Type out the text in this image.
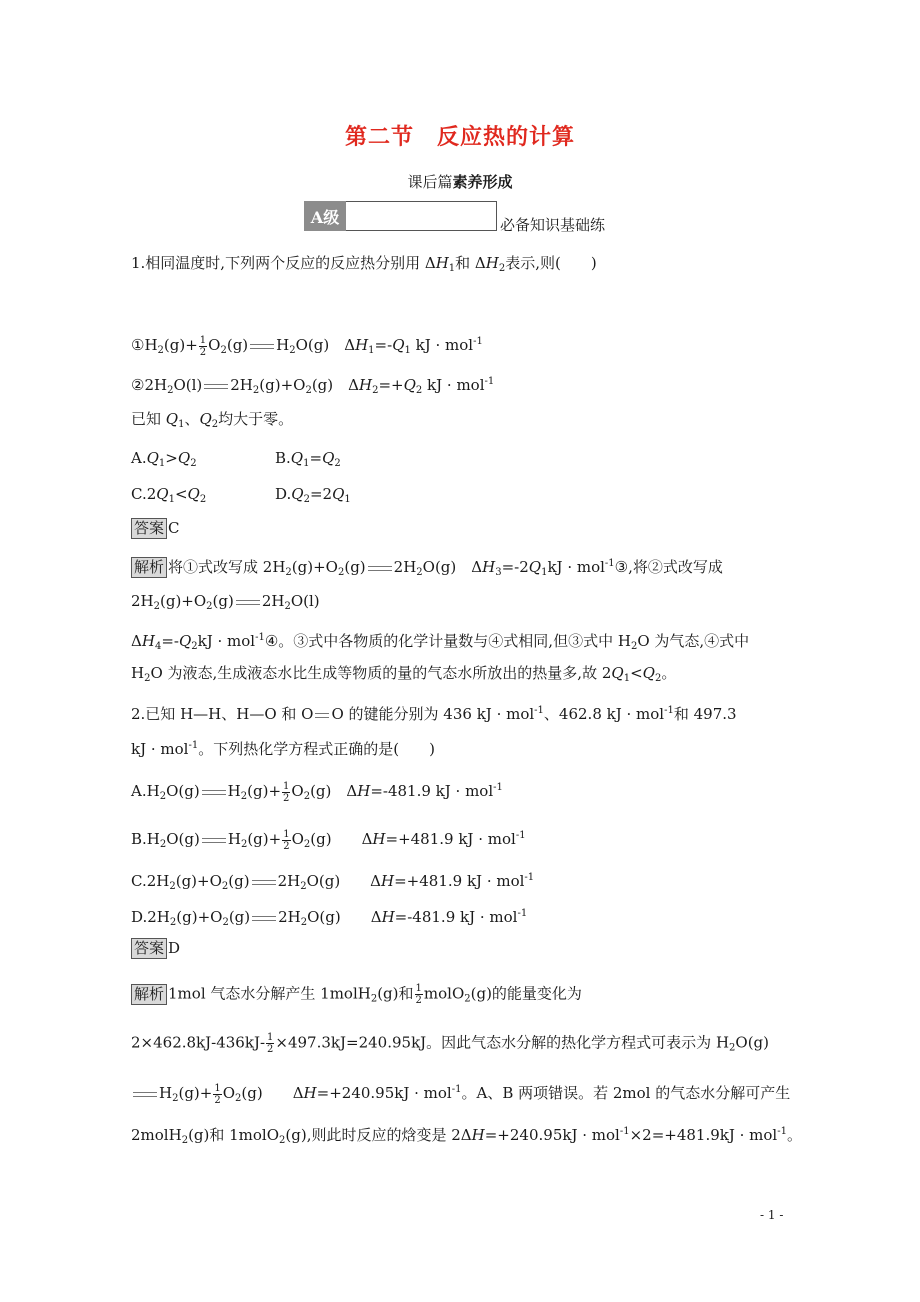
第二节　反应热的计算
课后篇素养形成
A级	必备知识基础练
1.相同温度时,下列两个反应的反应热分别用 $\Delta H_1$和 $\Delta H_2$表示,则(　　)
$①H_2(g)+ \frac{1}{2} O_2(g)$ $H_2O(g)$　$\Delta H_1=-Q_1$ kJ · mol$^{-1}$
$②2H_2O(l)$ $2H_2(g)+O_2(g)$　$\Delta H_2=+Q_2$ kJ · mol$^{-1}$
已知 $Q_1$、$Q_2$均大于零。
$A.Q_1>Q_2$	$B.Q_1=Q_2$
$C.2Q_1<Q_2$	$D.Q_2=2Q_1$
答案 C
解析 将①式改写成 $2H_2(g)+O_2(g)$ $2H_2O(g)$　$\Delta H_3=-2Q_1kJ$ · mol$^{-1}$③,将②式改写成
$2H_2(g)+O_2(g)$ $2H_2O(l)$
$\Delta H_4=-Q_2kJ$ · mol$^{-1}$④。③式中各物质的化学计量数与④式相同,但③式中 $H_2O$ 为气态,④式中
$H_2O$ 为液态,生成液态水比生成等物质的量的气态水所放出的热量多,故 $2Q_1<Q_2$。
2.已知 H—H、H—O 和 O O 的键能分别为 436 kJ · mol$^{-1}$、462.8 kJ · mol$^{-1}$和 497.3
kJ · mol$^{-1}$。下列热化学方程式正确的是(　　)
$A.H_2O(g)$ $H_2(g)+ \frac{1}{2} O_2(g)$　ΔH=-481.9 kJ · mol$^{-1}$
$B.H_2O(g)$ $H_2(g)+ \frac{1}{2} O_2(g)$　　ΔH=+481.9 kJ · mol$^{-1}$
$C.2H_2(g)+O_2(g)$ $2H_2O(g)$　　ΔH=+481.9 kJ · mol$^{-1}$
$D.2H_2(g)+O_2(g)$ $2H_2O(g)$　　ΔH=-481.9 kJ · mol$^{-1}$
答案 D
解析 1mol 气态水分解产生 1molH$_2$(g)和 $\frac{1}{2}$ molO$_2$(g)的能量变化为
$2\times 462.8kJ-436kJ- \frac{1}{2} \times 497.3kJ=240.95kJ$。因此气态水分解的热化学方程式可表示为 $H_2O(g)$
$H_2(g)+ \frac{1}{2} O_2(g)$　　ΔH=+240.95kJ · mol$^{-1}$。A、B 两项错误。若 2mol 的气态水分解可产生
2molH$_2$(g)和 1molO$_2$(g),则此时反应的焓变是 2ΔH=+240.95kJ · mol$^{-1}$×2=+481.9kJ · mol$^{-1}$。
- 1 -
